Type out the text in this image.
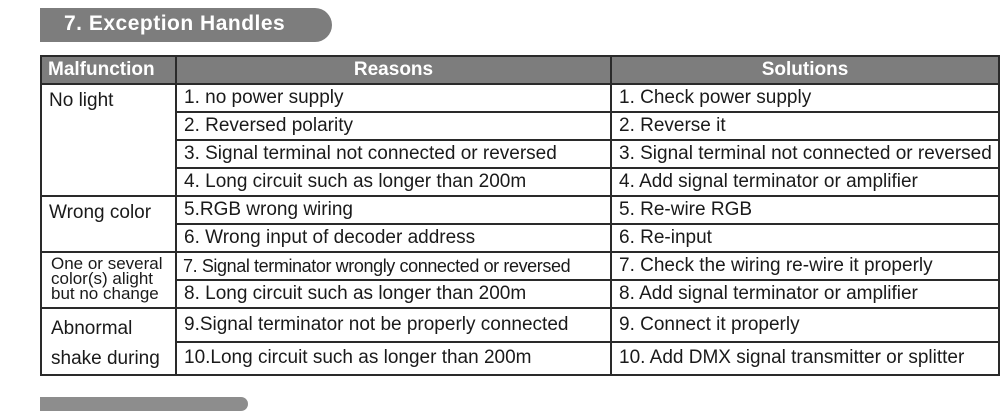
7. Exception Handles
Malfunction	Reasons	Solutions
No light	1. no power supply	1. Check power supply
	2. Reversed polarity	2. Reverse it
	3. Signal terminal not connected or reversed	3. Signal terminal not connected or reversed
	4. Long circuit such as longer than 200m	4. Add signal terminator or amplifier
Wrong color	5.RGB wrong wiring	5. Re-wire RGB
	6. Wrong input of decoder address	6. Re-input

One or several
color(s) alight
but no change	7. Signal terminator wrongly connected or reversed	7. Check the wiring re-wire it properly
	8. Long circuit such as longer than 200m	8. Add signal terminator or amplifier

Abnormal
shake during	9.Signal terminator not be properly connected	9. Connect it properly
	10.Long circuit such as longer than 200m	10. Add DMX signal transmitter or splitter
